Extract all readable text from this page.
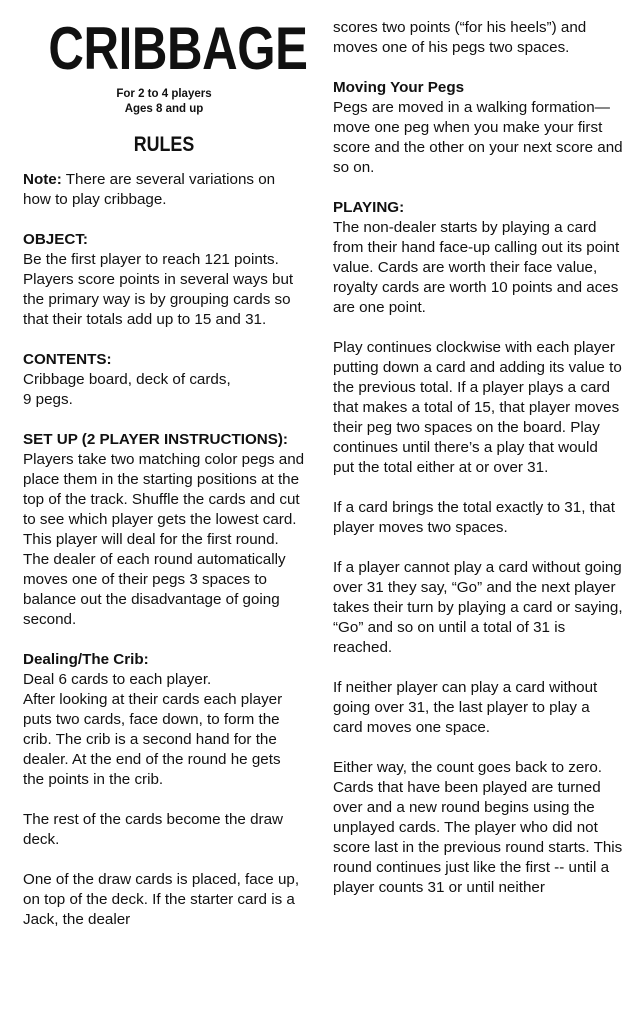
CRIBBAGE
For 2 to 4 players
Ages 8 and up
RULES

Note: There are several variations on how to play cribbage.

OBJECT:

Be the first player to reach 121 points. Players score points in several ways but the primary way is by grouping cards so that their totals add up to 15 and 31.

CONTENTS:

Cribbage board, deck of cards,

9 pegs.

SET UP (2 PLAYER INSTRUCTIONS):

Players take two matching color pegs and place them in the starting positions at the top of the track. Shuffle the cards and cut to see which player gets the lowest card. This player will deal for the first round. The dealer of each round automatically moves one of their pegs 3 spaces to balance out the disadvantage of going second.

Dealing/The Crib:

Deal 6 cards to each player.

After looking at their cards each player puts two cards, face down, to form the crib. The crib is a second hand for the dealer. At the end of the round he gets the points in the crib.

The rest of the cards become the draw deck.

One of the draw cards is placed, face up, on top of the deck. If the starter card is a Jack, the dealer

scores two points (“for his heels”) and moves one of his pegs two spaces.

Moving Your Pegs

Pegs are moved in a walking formation—move one peg when you make your first score and the other on your next score and so on.

PLAYING:

The non-dealer starts by playing a card from their hand face-up calling out its point value. Cards are worth their face value, royalty cards are worth 10 points and aces are one point.

Play continues clockwise with each player putting down a card and adding its value to the previous total. If a player plays a card that makes a total of 15, that player moves their peg two spaces on the board. Play continues until there’s a play that would put the total either at or over 31.

If a card brings the total exactly to 31, that player moves two spaces.

If a player cannot play a card without going over 31 they say, “Go” and the next player takes their turn by playing a card or saying, “Go” and so on until a total of 31 is reached.

If neither player can play a card without going over 31, the last player to play a card moves one space.

Either way, the count goes back to zero. Cards that have been played are turned over and a new round begins using the unplayed cards. The player who did not score last in the previous round starts. This round continues just like the first -- until a player counts 31 or until neither
